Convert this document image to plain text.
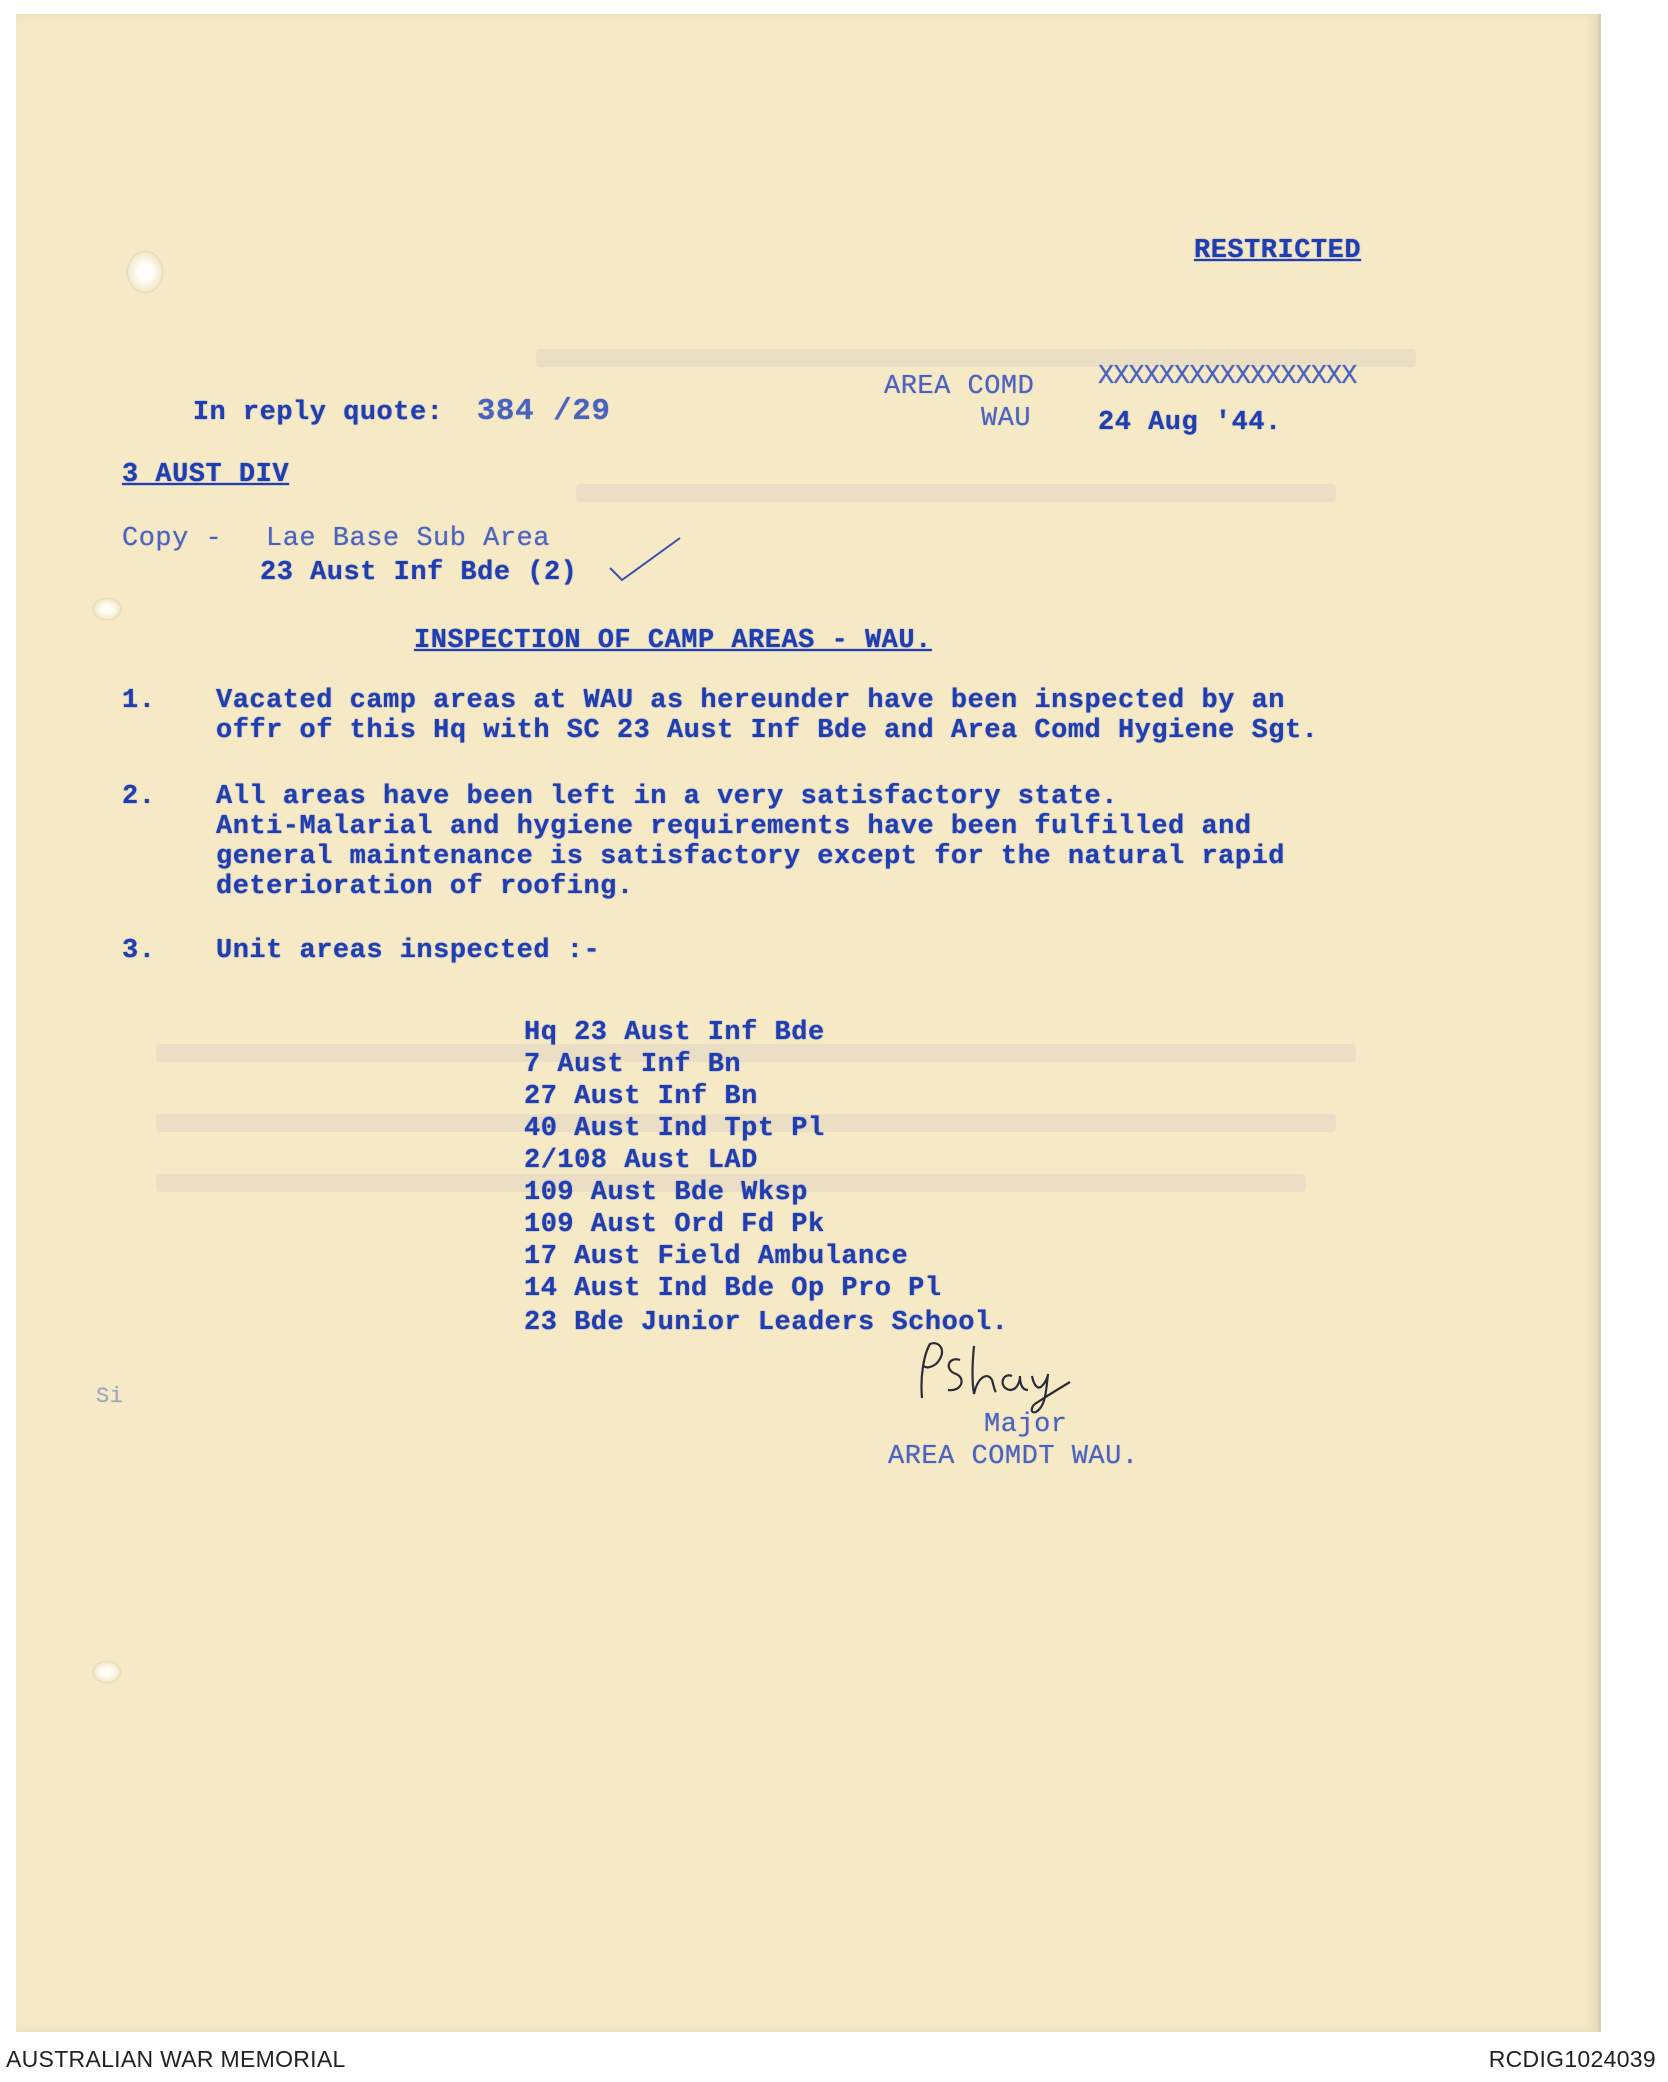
RESTRICTED

In reply quote: 384 /29

AREA COMD
WAU
XXXXXXXXXXXXXXXXX
24 Aug '44.
3 AUST DIV
Copy - Lae Base Sub Area
23 Aust Inf Bde (2)
INSPECTION OF CAMP AREAS - WAU.
1. Vacated camp areas at WAU as hereunder have been inspected by an
offr of this Hq with SC 23 Aust Inf Bde and Area Comd Hygiene Sgt.
2. All areas have been left in a very satisfactory state.
Anti-Malarial and hygiene requirements have been fulfilled and
general maintenance is satisfactory except for the natural rapid
deterioration of roofing.
3. Unit areas inspected :-
Hq 23 Aust Inf Bde
7 Aust Inf Bn
27 Aust Inf Bn
40 Aust Ind Tpt Pl
2/108 Aust LAD
109 Aust Bde Wksp
109 Aust Ord Fd Pk
17 Aust Field Ambulance
14 Aust Ind Bde Op Pro Pl
23 Bde Junior Leaders School.
Major
AREA COMDT WAU.
Si
AUSTRALIAN WAR MEMORIAL	RCDIG1024039
